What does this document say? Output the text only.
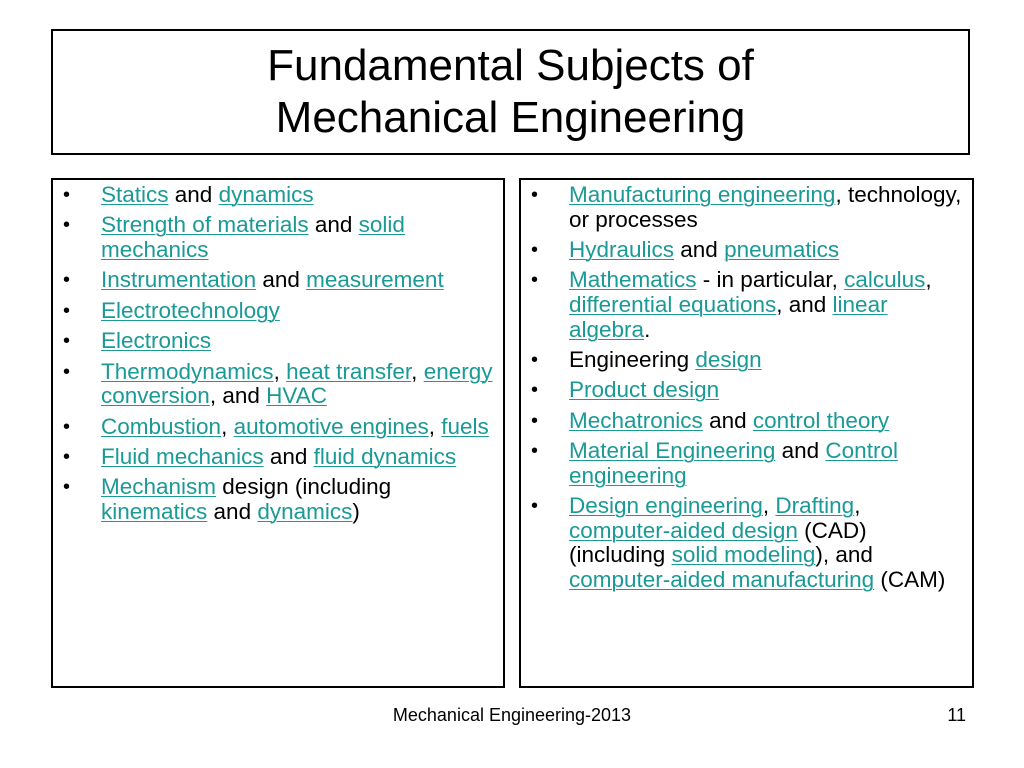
Fundamental Subjects of
Mechanical Engineering
• Statics and dynamics
• Strength of materials and solid mechanics
• Instrumentation and measurement
• Electrotechnology
• Electronics
• Thermodynamics, heat transfer, energy conversion, and HVAC
• Combustion, automotive engines, fuels
• Fluid mechanics and fluid dynamics
• Mechanism design (including kinematics and dynamics)
• Manufacturing engineering, technology, or processes
• Hydraulics and pneumatics
• Mathematics - in particular, calculus, differential equations, and linear algebra.
• Engineering design
• Product design
• Mechatronics and control theory
• Material Engineering and Control engineering
• Design engineering, Drafting, computer-aided design (CAD) (including solid modeling), and computer-aided manufacturing (CAM)
Mechanical Engineering-2013	11
